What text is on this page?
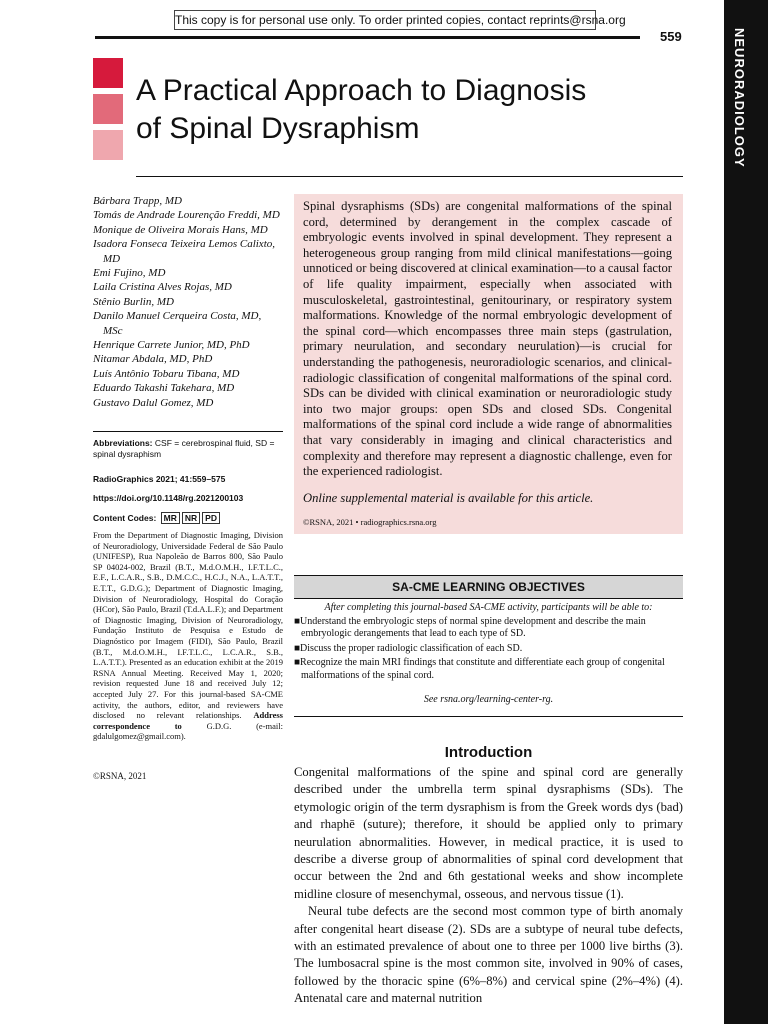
This copy is for personal use only. To order printed copies, contact reprints@rsna.org
559	NEURORADIOLOGY
A Practical Approach to Diagnosis
of Spinal Dysraphism
Bárbara Trapp, MD
Tomás de Andrade Lourenção Freddi, MD
Monique de Oliveira Morais Hans, MD
Isadora Fonseca Teixeira Lemos Calixto, MD
Emi Fujino, MD
Laila Cristina Alves Rojas, MD
Stênio Burlin, MD
Danilo Manuel Cerqueira Costa, MD, MSc
Henrique Carrete Junior, MD, PhD
Nitamar Abdala, MD, PhD
Luís Antônio Tobaru Tibana, MD
Eduardo Takashi Takehara, MD
Gustavo Dalul Gomez, MD
Abbreviations: CSF = cerebrospinal fluid, SD = spinal dysraphism
RadioGraphics 2021; 41:559–575
https://doi.org/10.1148/rg.2021200103
Content Codes: MR NR PD
From the Department of Diagnostic Imaging, Division of Neuroradiology, Universidade Federal de São Paulo (UNIFESP), Rua Napoleão de Barros 800, São Paulo SP 04024-002, Brazil (B.T., M.d.O.M.H., I.F.T.L.C., E.F., L.C.A.R., S.B., D.M.C.C., H.C.J., N.A., L.A.T.T., E.T.T., G.D.G.); Department of Diagnostic Imaging, Division of Neuroradiology, Hospital do Coração (HCor), São Paulo, Brazil (T.d.A.L.F.); and Department of Diagnostic Imaging, Division of Neuroradiology, Fundação Instituto de Pesquisa e Estudo de Diagnóstico por Imagem (FIDI), São Paulo, Brazil (B.T., M.d.O.M.H., I.F.T.L.C., L.C.A.R., S.B., L.A.T.T.). Presented as an education exhibit at the 2019 RSNA Annual Meeting. Received May 1, 2020; revision requested June 18 and received July 12; accepted July 27. For this journal-based SA-CME activity, the authors, editor, and reviewers have disclosed no relevant relationships. Address correspondence to	G.D.G. (e-mail: gdalulgomez@gmail.com).
©RSNA, 2021
Spinal dysraphisms (SDs) are congenital malformations of the spinal cord, determined by derangement in the complex cascade of embryologic events involved in spinal development. They represent a heterogeneous group ranging from mild clinical manifestations—going unnoticed or being discovered at clinical examination—to a causal factor of life quality impairment, especially when associated with musculoskeletal, gastrointestinal, genitourinary, or respiratory system malformations. Knowledge of the normal embryologic development of the spinal cord—which encompasses three main steps (gastrulation, primary neurulation, and secondary neurulation)—is crucial for understanding the pathogenesis, neuroradiologic scenarios, and clinical-radiologic classification of congenital malformations of the spinal cord. SDs can be divided with clinical examination or neuroradiologic study into two major groups: open SDs and closed SDs. Congenital malformations of the spinal cord include a wide range of abnormalities that vary considerably in imaging and clinical characteristics and complexity and therefore may represent a diagnostic challenge, even for the experienced radiologist.
Online supplemental material is available for this article.
©RSNA, 2021 • radiographics.rsna.org
SA-CME LEARNING OBJECTIVES
After completing this journal-based SA-CME activity, participants will be able to:
■Understand the embryologic steps of normal spine development and describe the main embryologic derangements that lead to each type of SD.
■Discuss the proper radiologic classification of each SD.
■Recognize the main MRI findings that constitute and differentiate each group of congenital malformations of the spinal cord.
See rsna.org/learning-center-rg.
Introduction

Congenital malformations of the spine and spinal cord are generally described under the umbrella term spinal dysraphisms (SDs). The etymologic origin of the term dysraphism is from the Greek words dys (bad) and rhaphē (suture); therefore, it should be applied only to primary neurulation abnormalities. However, in medical practice, it is used to describe a diverse group of abnormalities of spinal cord development that occur between the 2nd and 6th gestational weeks and show incomplete midline closure of mesenchymal, osseous, and nervous tissue (1).

Neural tube defects are the second most common type of birth anomaly after congenital heart disease (2). SDs are a subtype of neural tube defects, with an estimated prevalence of about one to three per 1000 live births (3). The lumbosacral spine is the most common site, involved in 90% of cases, followed by the thoracic spine (6%–8%) and cervical spine (2%–4%) (4). Antenatal care and maternal nutrition
